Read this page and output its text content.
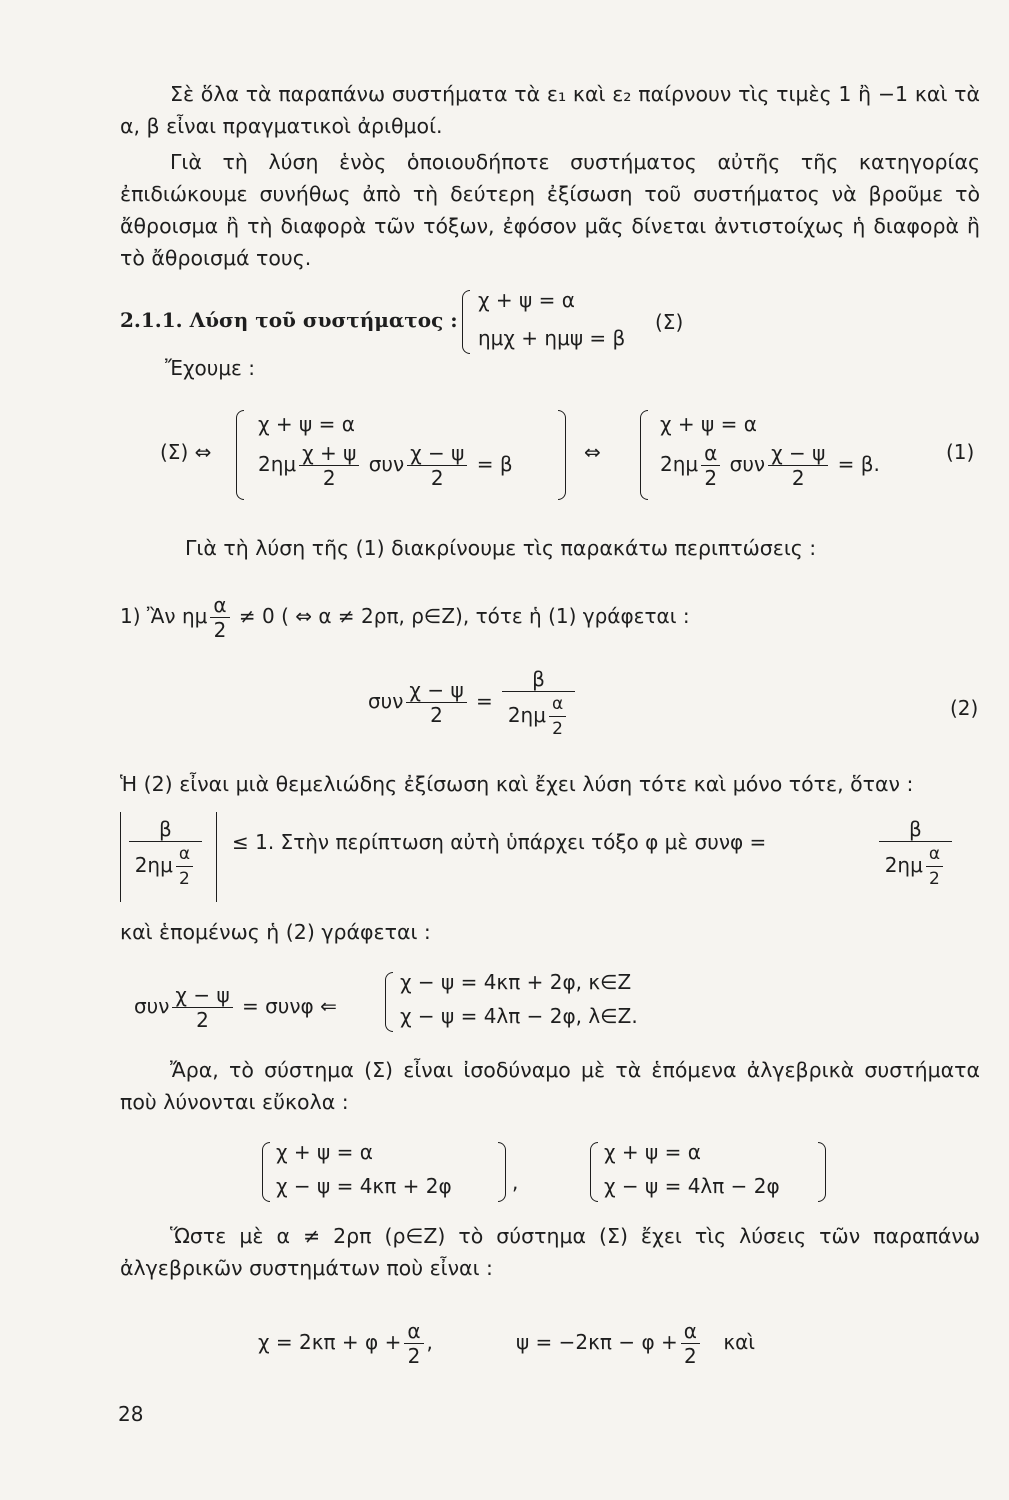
Σὲ ὅλα τὰ παραπάνω συστήματα τὰ ε₁ καὶ ε₂ παίρνουν τὶς τιμὲς 1 ἢ −1 καὶ τὰ α, β εἶναι πραγματικοὶ ἀριθμοί.

Γιὰ τὴ λύση ἑνὸς ὁποιουδήποτε συστήματος αὐτῆς τῆς κατηγορίας ἐπιδιώκουμε συνήθως ἀπὸ τὴ δεύτερη ἐξίσωση τοῦ συστήματος νὰ βροῦμε τὸ ἄθροισμα ἢ τὴ διαφορὰ τῶν τόξων, ἐφόσον μᾶς δίνεται ἀντιστοίχως ἡ διαφορὰ ἢ τὸ ἄθροισμά τους.

2.1.1. Λύση τοῦ συστήματος :
χ + ψ = α
ημχ + ημψ = β
(Σ)
Ἔχουμε :
(Σ) ⇔
χ + ψ = α
$2\eta\mu \frac{\chi + \psi}{2}$ συν $\frac{\chi - \psi}{2} = \beta$	⇔
χ + ψ = α
$2\eta\mu \frac{\alpha}{2}$ συν $\frac{\chi - \psi}{2} = \beta$.	(1)
Γιὰ τὴ λύση τῆς (1) διακρίνουμε τὶς παρακάτω περιπτώσεις :
1) Ἂν ημ $\frac{\alpha}{2} \ne 0$ ( ⇔ α ≠ 2ρπ, ρ∈Z), τότε ἡ (1) γράφεται :
συν $\frac{\chi - \psi}{2} = \frac{\beta}{2\eta\mu \frac{\alpha}{2}}$	(2)
Ἡ (2) εἶναι μιὰ θεμελιώδης ἐξίσωση καὶ ἔχει λύση τότε καὶ μόνο τότε, ὅταν :
$\frac{\beta}{2\eta\mu \frac{\alpha}{2}} \le 1$. Στὴν περίπτωση αὐτὴ ὑπάρχει τόξο φ μὲ συνφ =	$\frac{\beta}{2\eta\mu \frac{\alpha}{2}}$
καὶ ἑπομένως ἡ (2) γράφεται :
συν $\frac{\chi - \psi}{2} = \sigma\upsilon\nu\varphi$ ⇐
χ − ψ = 4κπ + 2φ, κ∈Z
χ − ψ = 4λπ − 2φ, λ∈Z.

Ἄρα, τὸ σύστημα (Σ) εἶναι ἰσοδύναμο μὲ τὰ ἑπόμενα ἀλγεβρικὰ συστήματα ποὺ λύνονται εὔκολα :

χ + ψ = α
χ − ψ = 4κπ + 2φ	,
χ + ψ = α
χ − ψ = 4λπ − 2φ

Ὥστε μὲ α ≠ 2ρπ (ρ∈Z) τὸ σύστημα (Σ) ἔχει τὶς λύσεις τῶν παραπάνω ἀλγεβρικῶν συστημάτων ποὺ εἶναι :

$\chi = 2\kappa\pi + \varphi + \frac{\alpha}{2}$ ,	$\psi = -2\kappa\pi - \varphi + \frac{\alpha}{2}$ καὶ
28
